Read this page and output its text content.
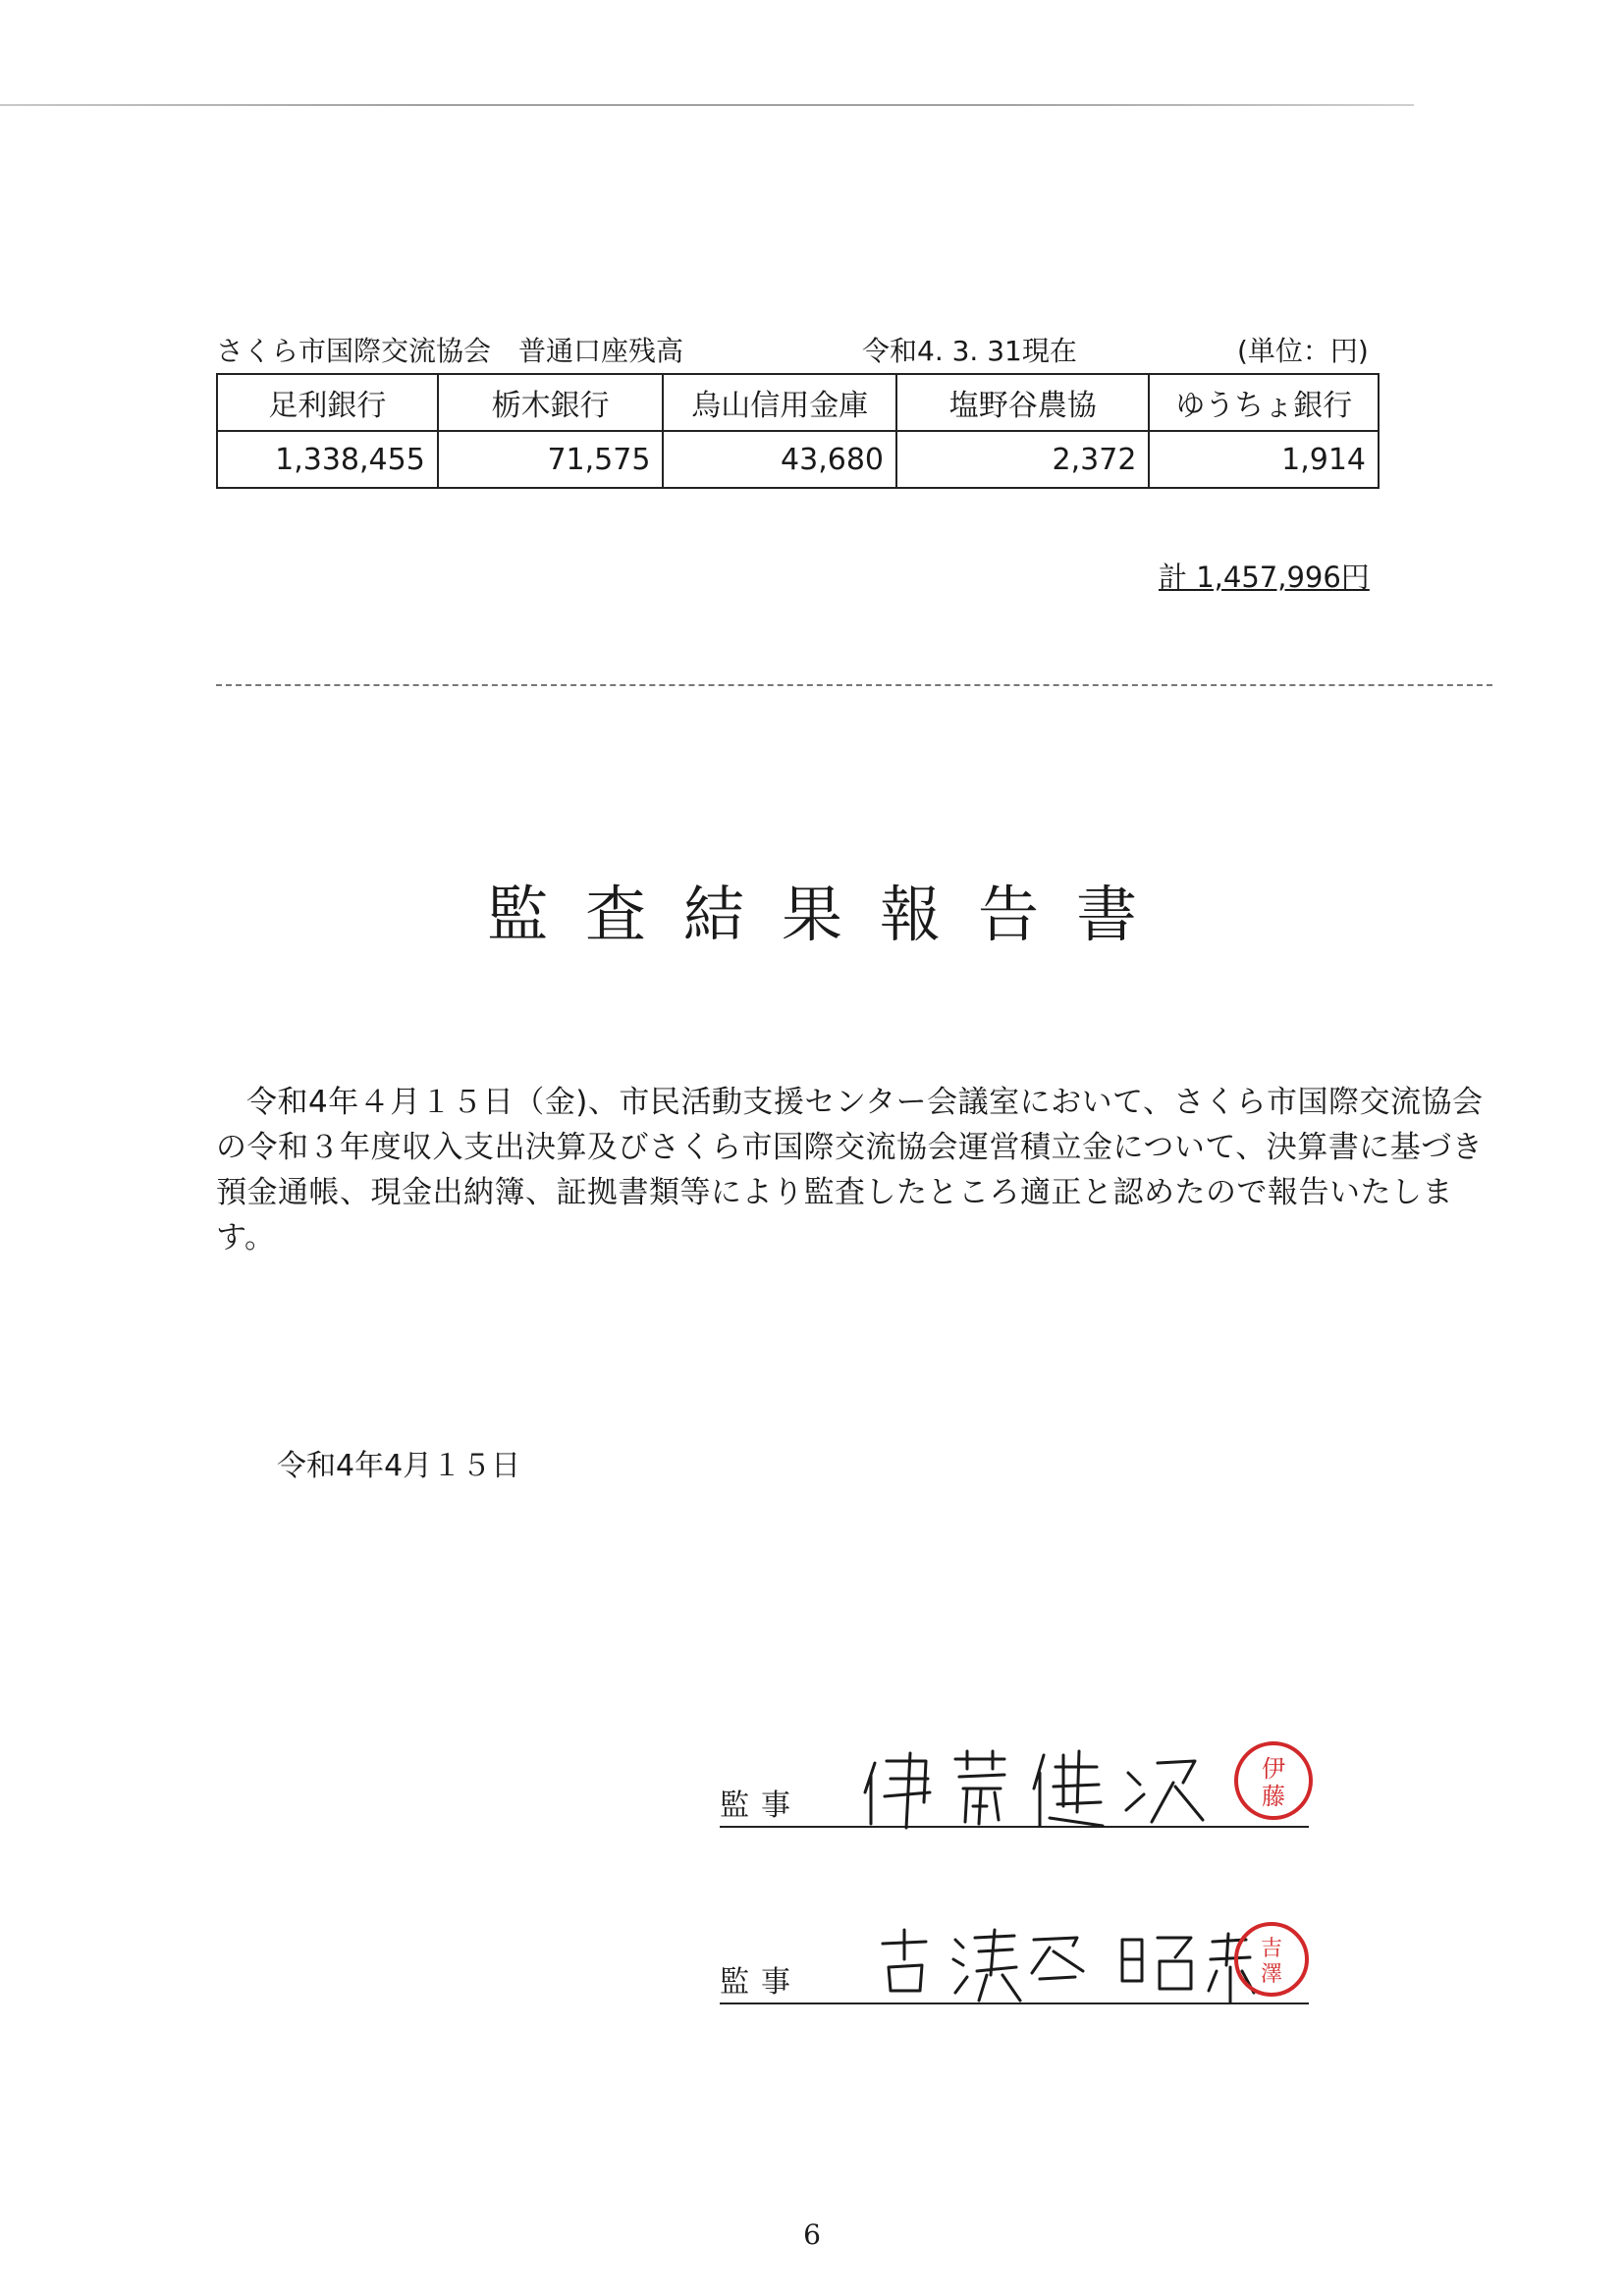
さくら市国際交流協会　普通口座残高	令和4. 3. 31現在	(単位：円)
足利銀行	栃木銀行	烏山信用金庫	塩野谷農協	ゆうちょ銀行
1,338,455	71,575	43,680	2,372	1,914
計 1,457,996円
監査結果報告書
令和4年４月１５日（金)、市民活動支援センター会議室において、さくら市国際交流協会の令和３年度収入支出決算及びさくら市国際交流協会運営積立金について、決算書に基づき預金通帳、現金出納簿、証拠書類等により監査したところ適正と認めたので報告いたします。
令和4年4月１５日
監事
伊
藤
監事
吉
澤
6
